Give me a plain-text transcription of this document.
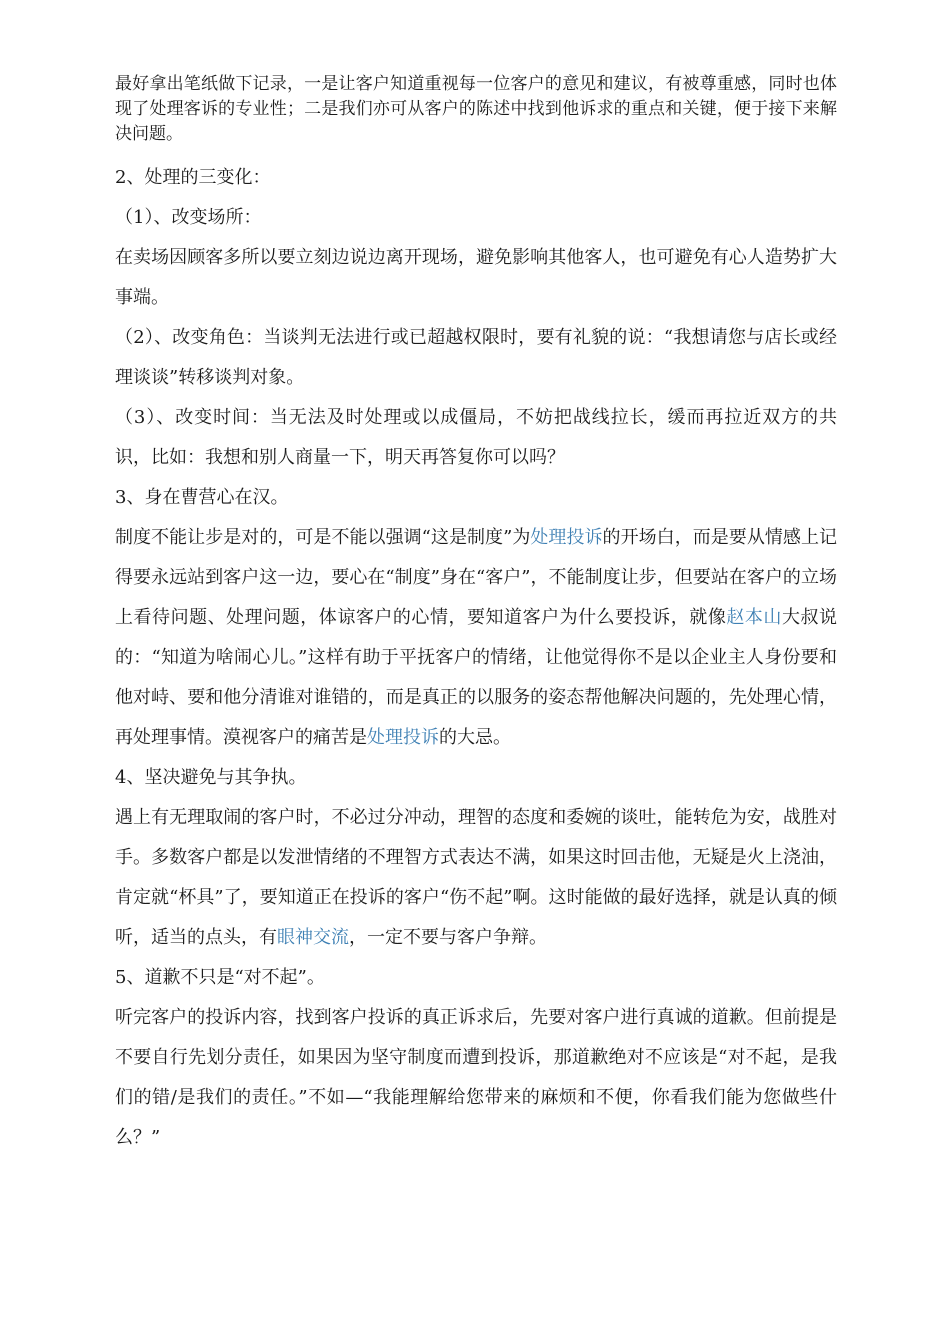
最好拿出笔纸做下记录，一是让客户知道重视每一位客户的意见和建议，有被尊重感，同时也体现了处理客诉的专业性；二是我们亦可从客户的陈述中找到他诉求的重点和关键，便于接下来解决问题。

2、处理的三变化：

（1）、改变场所：

在卖场因顾客多所以要立刻边说边离开现场，避免影响其他客人，也可避免有心人造势扩大事端。

（2）、改变角色：当谈判无法进行或已超越权限时，要有礼貌的说：“我想请您与店长或经理谈谈”转移谈判对象。

（3）、改变时间：当无法及时处理或以成僵局，不妨把战线拉长，缓而再拉近双方的共识，比如：我想和别人商量一下，明天再答复你可以吗？

3、身在曹营心在汉。

制度不能让步是对的，可是不能以强调“这是制度”为处理投诉的开场白，而是要从情感上记得要永远站到客户这一边，要心在“制度”身在“客户”，不能制度让步，但要站在客户的立场上看待问题、处理问题，体谅客户的心情，要知道客户为什么要投诉，就像赵本山大叔说的：“知道为啥闹心儿。”这样有助于平抚客户的情绪，让他觉得你不是以企业主人身份要和他对峙、要和他分清谁对谁错的，而是真正的以服务的姿态帮他解决问题的，先处理心情，再处理事情。漠视客户的痛苦是处理投诉的大忌。

4、坚决避免与其争执。

遇上有无理取闹的客户时，不必过分冲动，理智的态度和委婉的谈吐，能转危为安，战胜对手。多数客户都是以发泄情绪的不理智方式表达不满，如果这时回击他，无疑是火上浇油，肯定就“杯具”了，要知道正在投诉的客户“伤不起”啊。这时能做的最好选择，就是认真的倾听，适当的点头，有眼神交流，一定不要与客户争辩。

5、道歉不只是“对不起”。

听完客户的投诉内容，找到客户投诉的真正诉求后，先要对客户进行真诚的道歉。但前提是不要自行先划分责任，如果因为坚守制度而遭到投诉，那道歉绝对不应该是“对不起，是我们的错/是我们的责任。”不如—“我能理解给您带来的麻烦和不便，你看我们能为您做些什么？”
